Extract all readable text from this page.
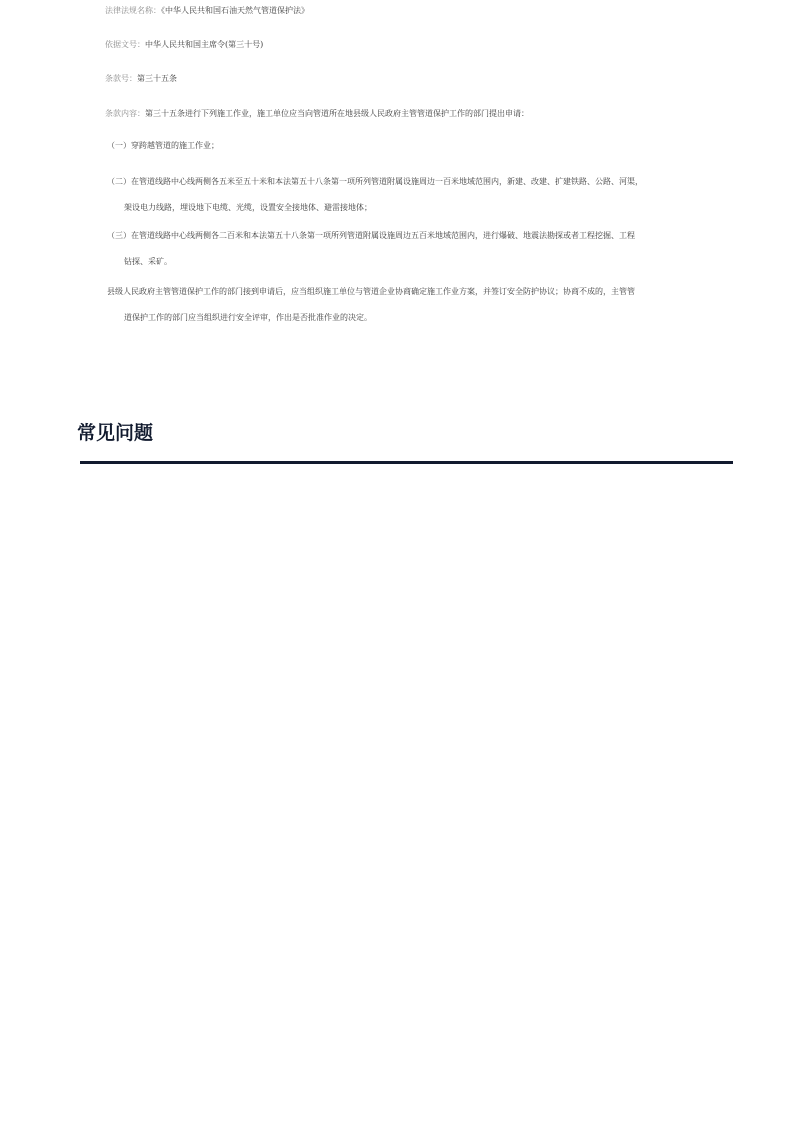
法律法规名称：《中华人民共和国石油天然气管道保护法》
依据文号：中华人民共和国主席令(第三十号)
条款号：第三十五条
条款内容：第三十五条进行下列施工作业，施工单位应当向管道所在地县级人民政府主管管道保护工作的部门提出申请：
（一）穿跨越管道的施工作业；
（二）在管道线路中心线两侧各五米至五十米和本法第五十八条第一项所列管道附属设施周边一百米地域范围内，新建、改建、扩建铁路、公路、河渠，
架设电力线路，埋设地下电缆、光缆，设置安全接地体、避雷接地体；
（三）在管道线路中心线两侧各二百米和本法第五十八条第一项所列管道附属设施周边五百米地域范围内，进行爆破、地震法勘探或者工程挖掘、工程
钻探、采矿。
县级人民政府主管管道保护工作的部门接到申请后，应当组织施工单位与管道企业协商确定施工作业方案，并签订安全防护协议；协商不成的，主管管
道保护工作的部门应当组织进行安全评审，作出是否批准作业的决定。
常见问题
